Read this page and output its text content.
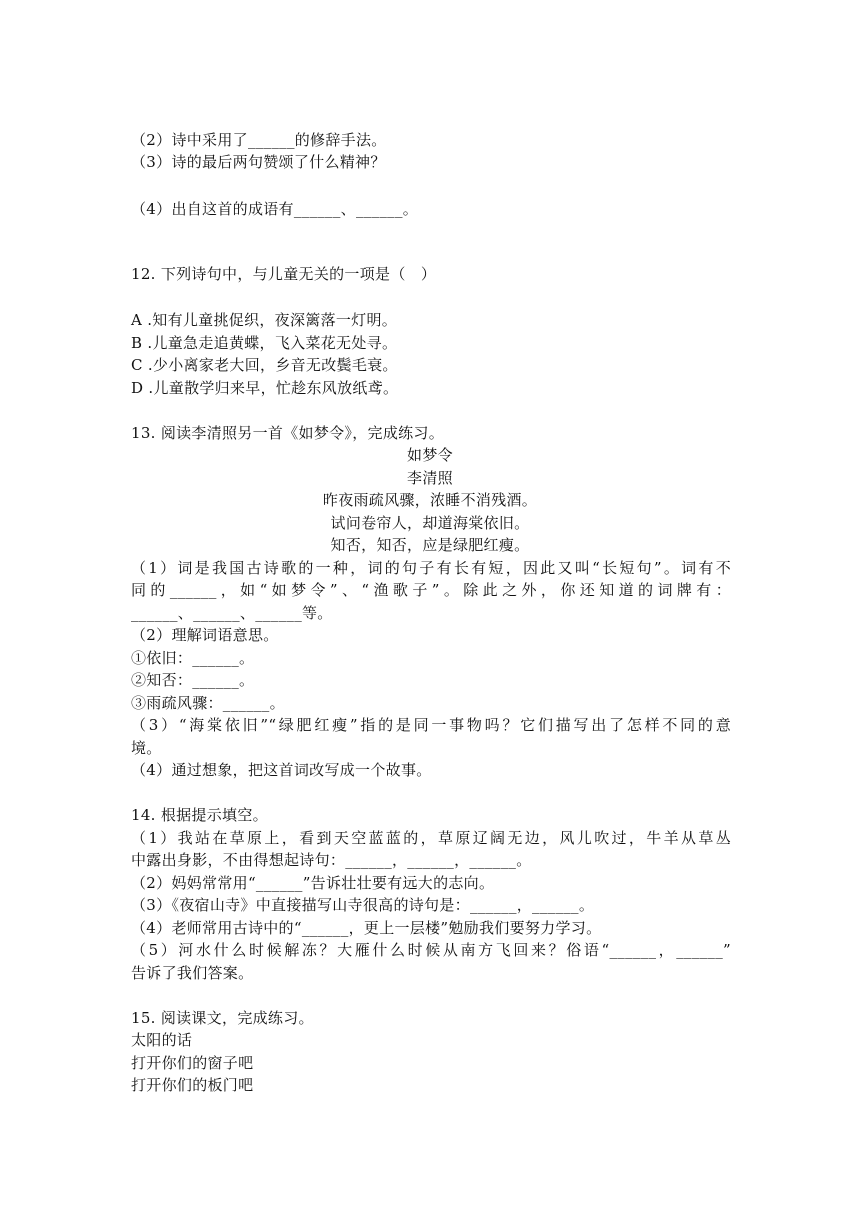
（2）诗中采用了______的修辞手法。
（3）诗的最后两句赞颂了什么精神？
（4）出自这首的成语有______、______。
12. 下列诗句中，与儿童无关的一项是（　）
A .知有儿童挑促织，夜深篱落一灯明。
B .儿童急走追黄蝶，飞入菜花无处寻。
C .少小离家老大回，乡音无改鬓毛衰。
D .儿童散学归来早，忙趁东风放纸鸢。
13. 阅读李清照另一首《如梦令》，完成练习。
如梦令
李清照
昨夜雨疏风骤，浓睡不消残酒。
试问卷帘人，却道海棠依旧。
知否，知否，应是绿肥红瘦。
（1）词是我国古诗歌的一种，词的句子有长有短，因此又叫“长短句”。词有不
同的______，如“如梦令”、“渔歌子”。除此之外，你还知道的词牌有：
______、______、______等。
（2）理解词语意思。
①依旧：______。
②知否：______。
③雨疏风骤：______。
（3）“海棠依旧”“绿肥红瘦”指的是同一事物吗？它们描写出了怎样不同的意
境。
（4）通过想象，把这首词改写成一个故事。
14. 根据提示填空。
（1）我站在草原上，看到天空蓝蓝的，草原辽阔无边，风儿吹过，牛羊从草丛
中露出身影，不由得想起诗句：______，______，______。
（2）妈妈常常用“______”告诉壮壮要有远大的志向。
（3）《夜宿山寺》中直接描写山寺很高的诗句是：______，______。
（4）老师常用古诗中的“______，更上一层楼”勉励我们要努力学习。
（5）河水什么时候解冻？大雁什么时候从南方飞回来？俗语“______，______”
告诉了我们答案。
15. 阅读课文，完成练习。
太阳的话
打开你们的窗子吧
打开你们的板门吧
